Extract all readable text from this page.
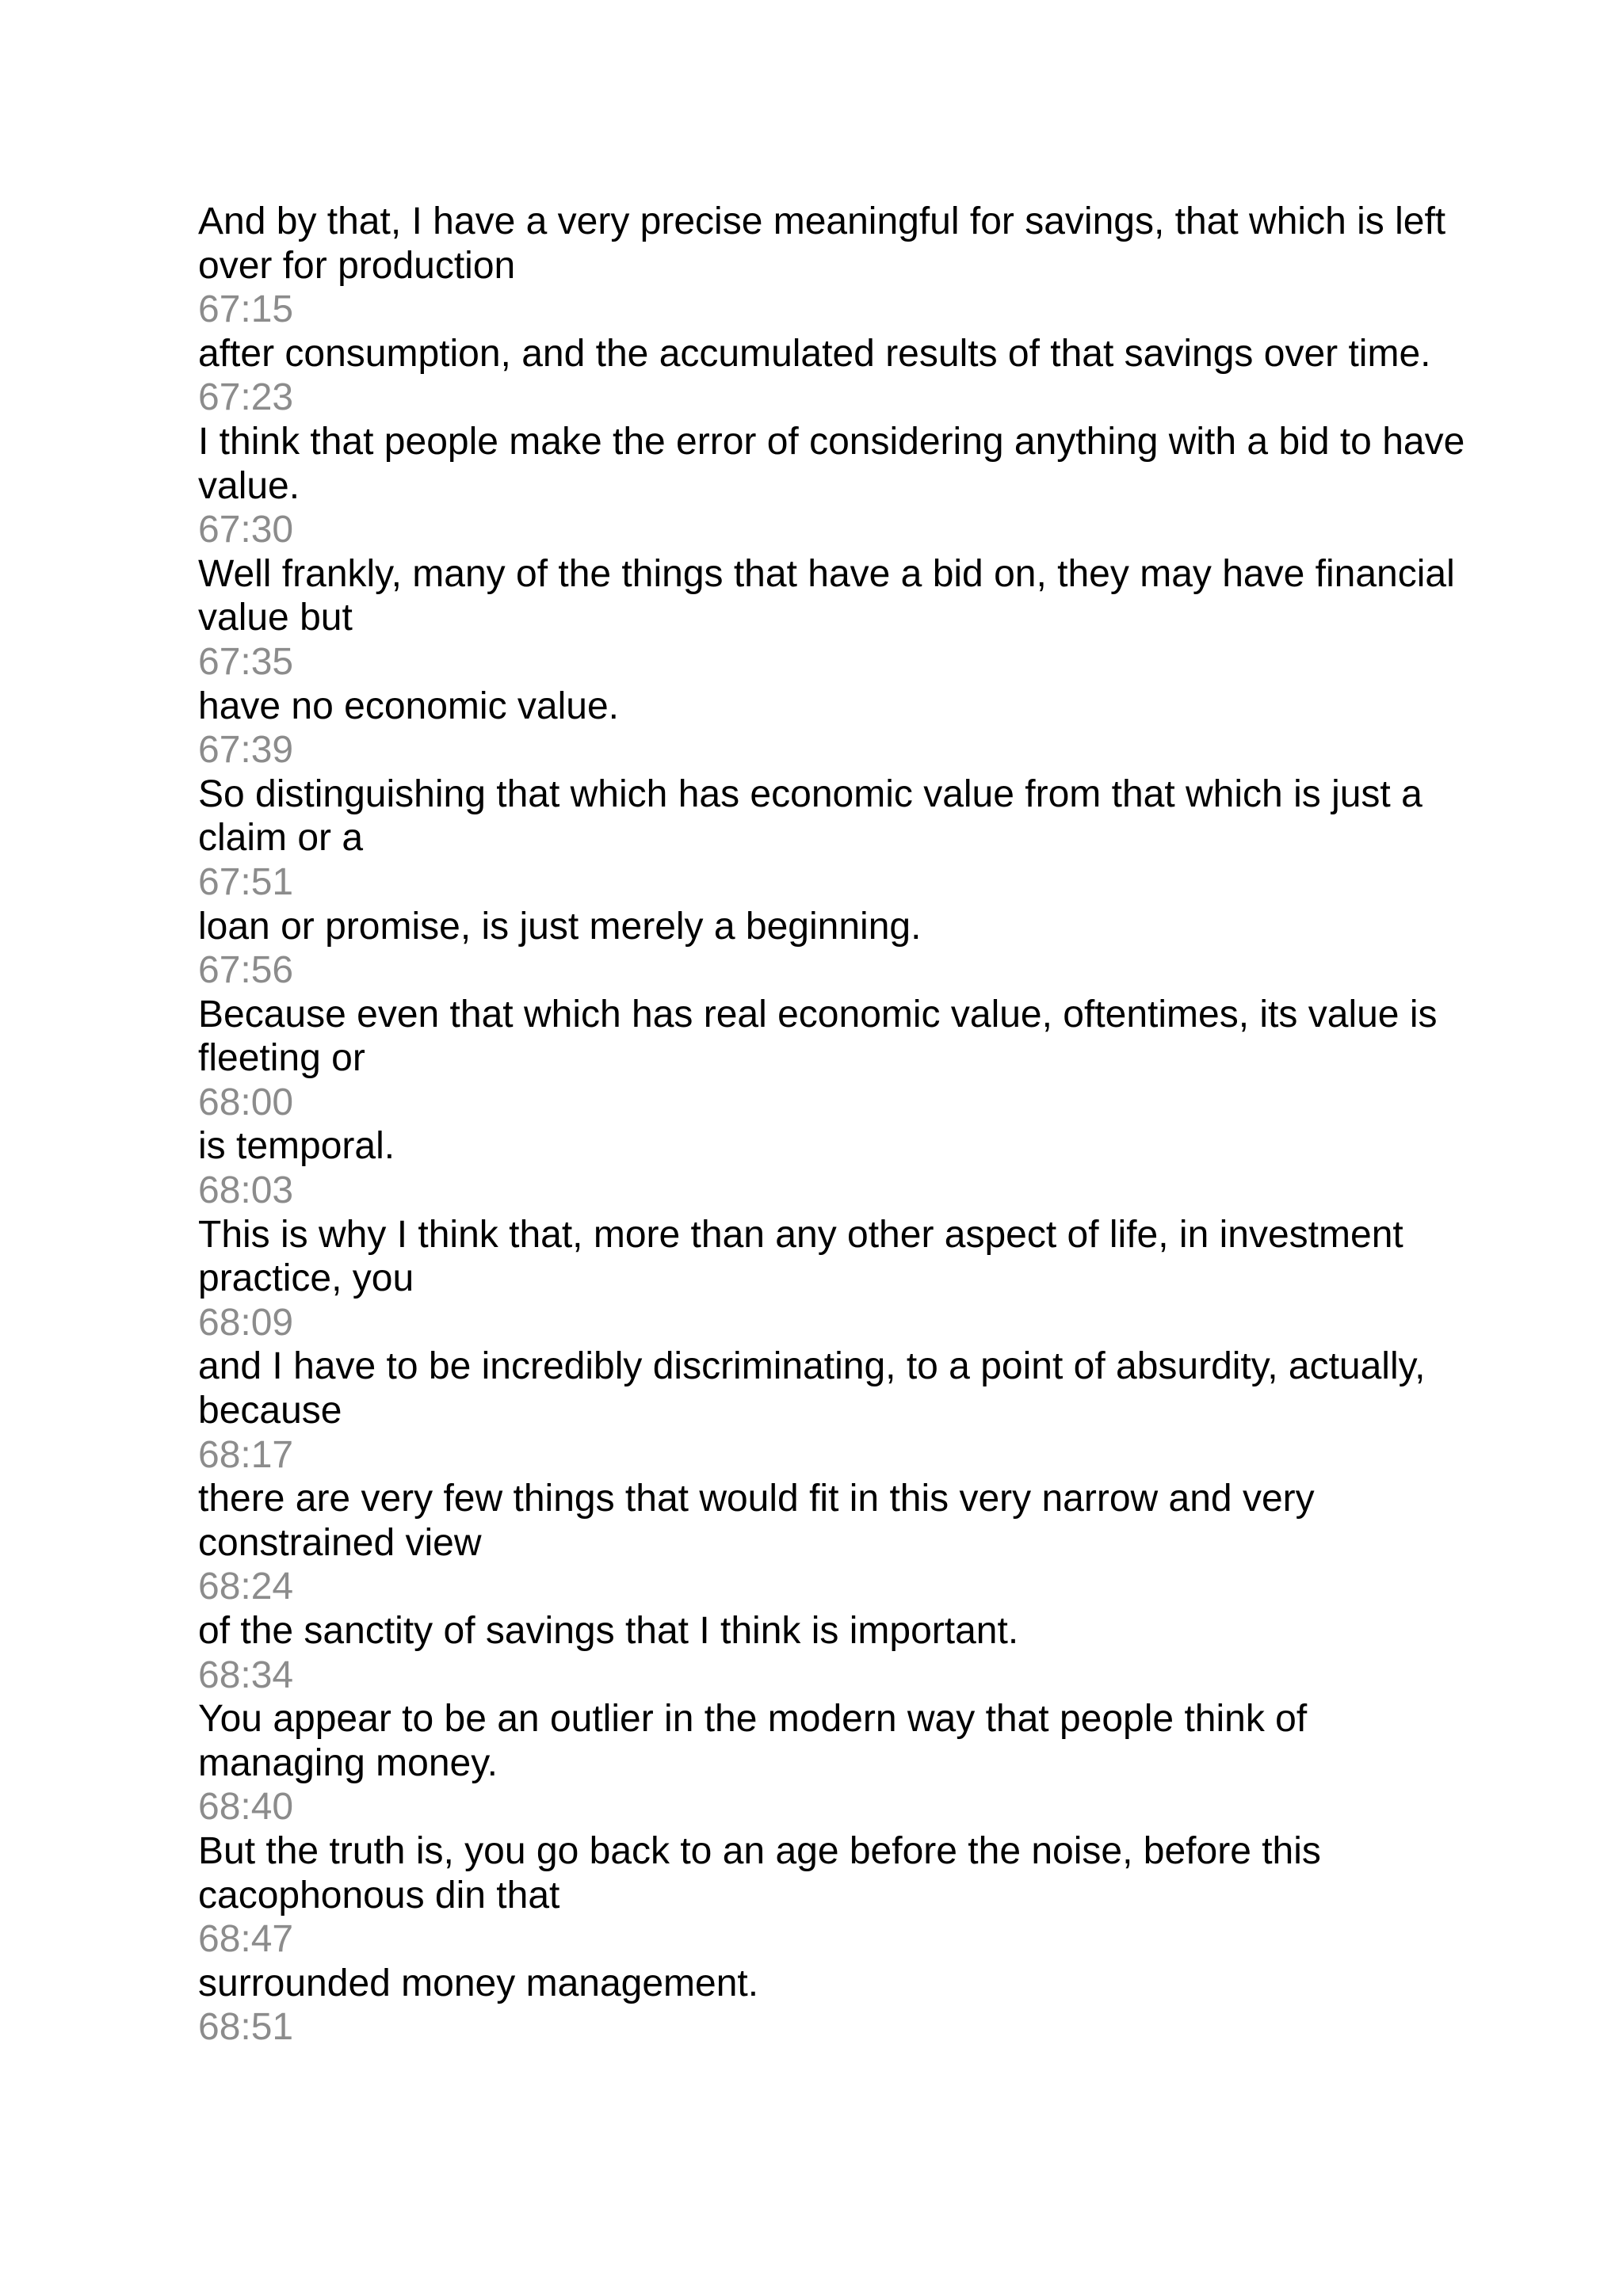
And by that, I have a very precise meaningful for savings, that which is left over for production
67:15
after consumption, and the accumulated results of that savings over time.
67:23
I think that people make the error of considering anything with a bid to have value.
67:30
Well frankly, many of the things that have a bid on, they may have financial value but
67:35
have no economic value.
67:39
So distinguishing that which has economic value from that which is just a claim or a
67:51
loan or promise, is just merely a beginning.
67:56
Because even that which has real economic value, oftentimes, its value is fleeting or
68:00
is temporal.
68:03
This is why I think that, more than any other aspect of life, in investment practice, you
68:09
and I have to be incredibly discriminating, to a point of absurdity, actually, because
68:17
there are very few things that would fit in this very narrow and very constrained view
68:24
of the sanctity of savings that I think is important.
68:34
You appear to be an outlier in the modern way that people think of managing money.
68:40
But the truth is, you go back to an age before the noise, before this cacophonous din that
68:47
surrounded money management.
68:51
